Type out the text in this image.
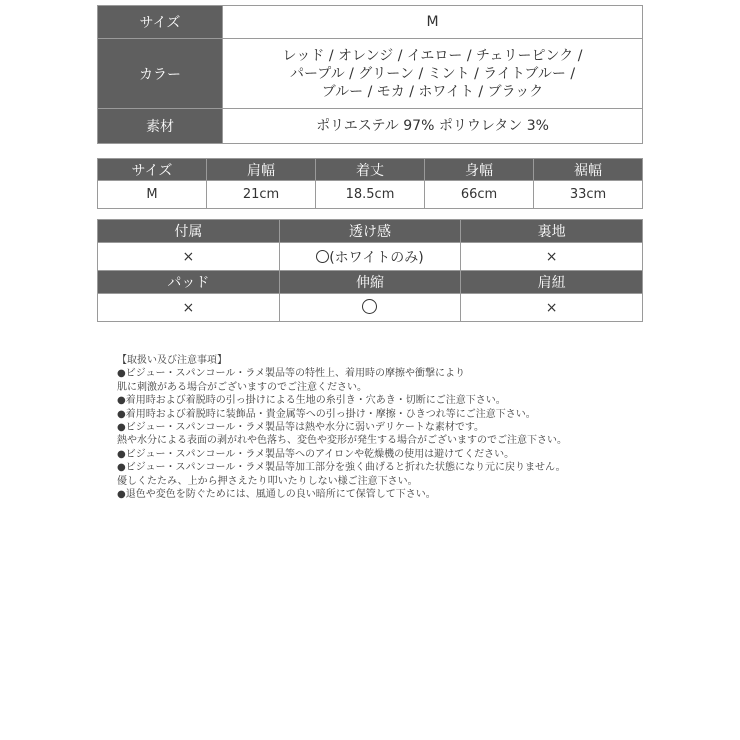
サイズ	M
カラー	レッド / オレンジ / イエロー / チェリーピンク /
パープル / グリーン / ミント / ライトブルー /
ブルー / モカ / ホワイト / ブラック

素材	ポリエステル 97% ポリウレタン 3%
サイズ	肩幅	着丈	身幅	裾幅
M	21cm	18.5cm	66cm	33cm
付属	透け感	裏地
×	(ホワイトのみ)	×
パッド	伸縮	肩紐
×		×
【取扱い及び注意事項】
●ビジュー・スパンコール・ラメ製品等の特性上、着用時の摩擦や衝撃により
肌に刺激がある場合がございますのでご注意ください。
●着用時および着脱時の引っ掛けによる生地の糸引き・穴あき・切断にご注意下さい。
●着用時および着脱時に装飾品・貴金属等への引っ掛け・摩擦・ひきつれ等にご注意下さい。
●ビジュー・スパンコール・ラメ製品等は熱や水分に弱いデリケートな素材です。
熱や水分による表面の剥がれや色落ち、変色や変形が発生する場合がございますのでご注意下さい。
●ビジュー・スパンコール・ラメ製品等へのアイロンや乾燥機の使用は避けてください。
●ビジュー・スパンコール・ラメ製品等加工部分を強く曲げると折れた状態になり元に戻りません。
優しくたたみ、上から押さえたり叩いたりしない様ご注意下さい。
●退色や変色を防ぐためには、風通しの良い暗所にて保管して下さい。
